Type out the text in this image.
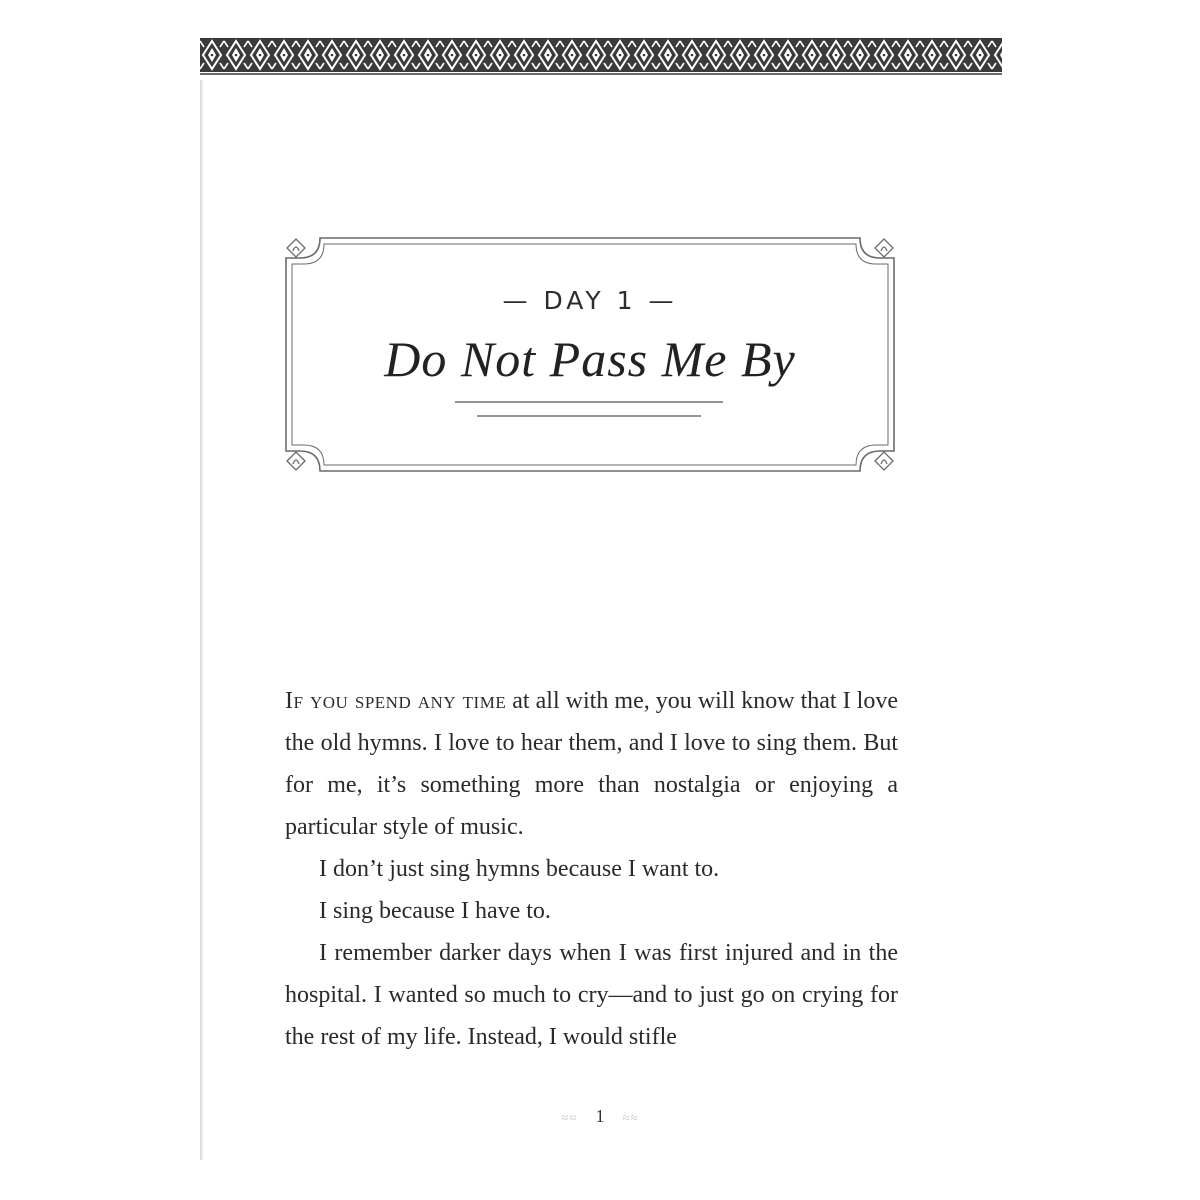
— DAY 1 —
Do Not Pass Me By

If you spend any time at all with me, you will know that I love the old hymns. I love to hear them, and I love to sing them. But for me, it’s something more than nostalgia or enjoying a particular style of music.

I don’t just sing hymns because I want to.

I sing because I have to.

I remember darker days when I was first injured and in the hospital. I wanted so much to cry—and to just go on crying for the rest of my life. Instead, I would stifle

≈≈ 1 ≈≈
